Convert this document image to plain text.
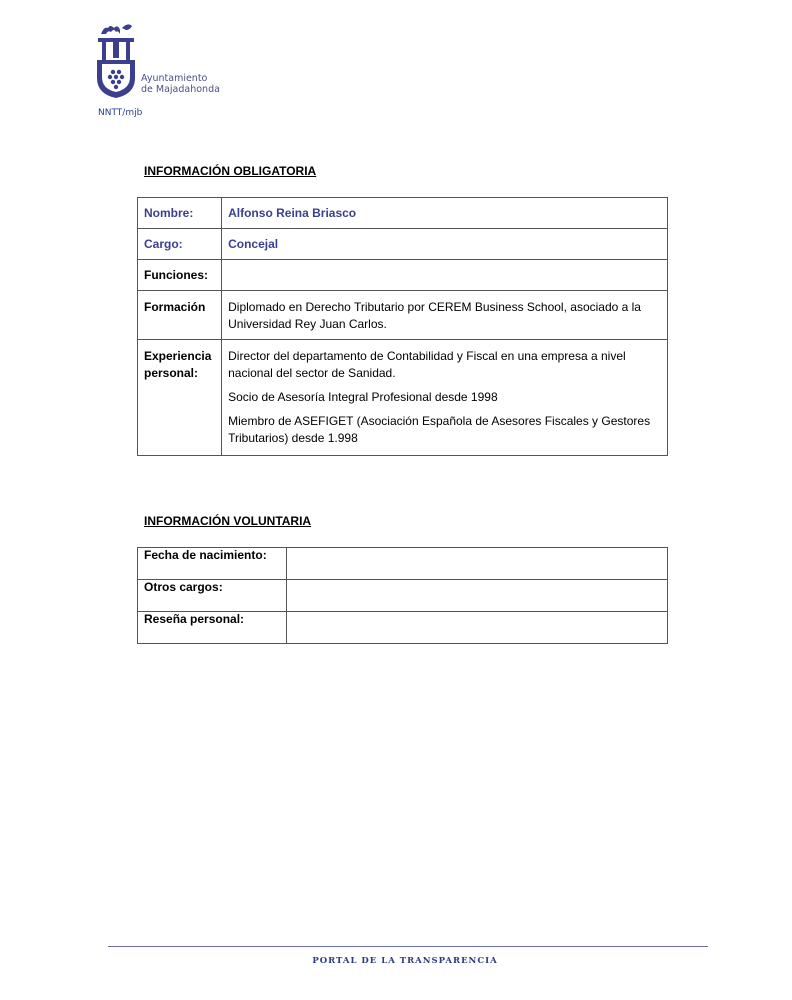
Ayuntamiento
de Majadahonda
NNTT/mjb
INFORMACIÓN OBLIGATORIA
Nombre:	Alfonso Reina Briasco
Cargo:	Concejal
Funciones:	
Formación	Diplomado en Derecho Tributario por CEREM Business School, asociado a la Universidad Rey Juan Carlos.
Experiencia personal:	Director del departamento de Contabilidad y Fiscal en una empresa a nivel nacional del sector de Sanidad.

Socio de Asesoría Integral Profesional desde 1998

Miembro de ASEFIGET (Asociación Española de Asesores Fiscales y Gestores Tributarios) desde 1.998

INFORMACIÓN VOLUNTARIA
Fecha de nacimiento:	
Otros cargos:	
Reseña personal:	
PORTAL DE LA TRANSPARENCIA
